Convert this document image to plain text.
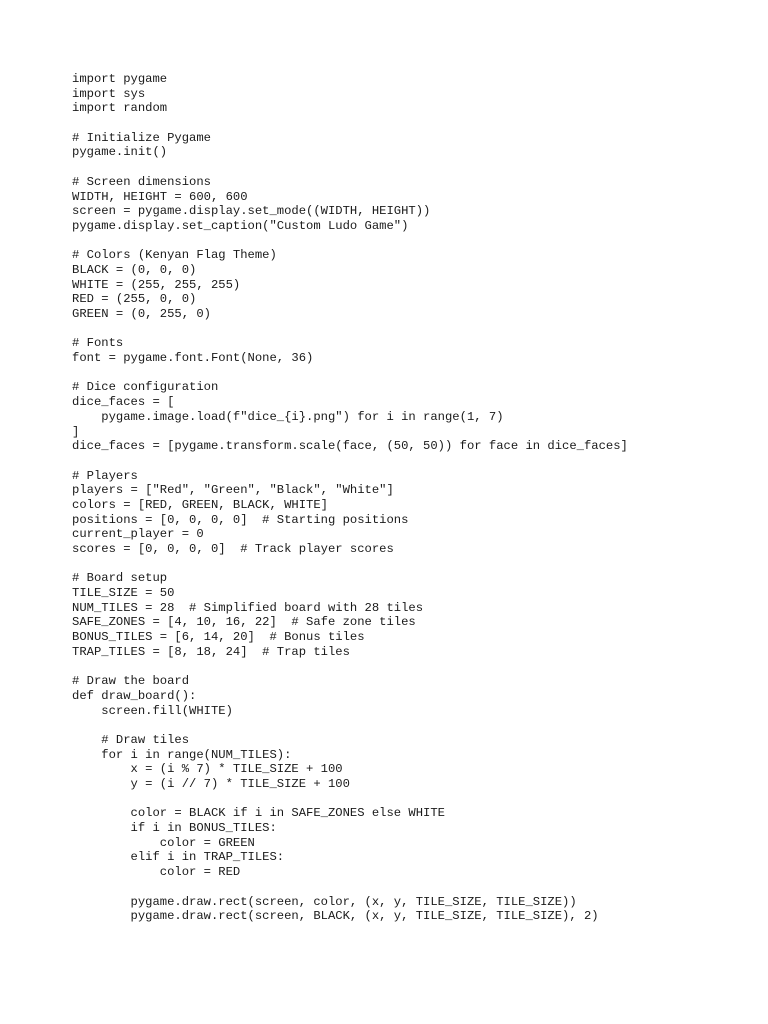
import pygame
import sys
import random
# Initialize Pygame
pygame.init()
# Screen dimensions
WIDTH, HEIGHT = 600, 600
screen = pygame.display.set_mode((WIDTH, HEIGHT))
pygame.display.set_caption("Custom Ludo Game")
# Colors (Kenyan Flag Theme)
BLACK = (0, 0, 0)
WHITE = (255, 255, 255)
RED = (255, 0, 0)
GREEN = (0, 255, 0)
# Fonts
font = pygame.font.Font(None, 36)
# Dice configuration
dice_faces = [
pygame.image.load(f"dice_{i}.png") for i in range(1, 7)
]
dice_faces = [pygame.transform.scale(face, (50, 50)) for face in dice_faces]
# Players
players = ["Red", "Green", "Black", "White"]
colors = [RED, GREEN, BLACK, WHITE]
positions = [0, 0, 0, 0]  # Starting positions
current_player = 0
scores = [0, 0, 0, 0]  # Track player scores
# Board setup
TILE_SIZE = 50
NUM_TILES = 28  # Simplified board with 28 tiles
SAFE_ZONES = [4, 10, 16, 22]  # Safe zone tiles
BONUS_TILES = [6, 14, 20]  # Bonus tiles
TRAP_TILES = [8, 18, 24]  # Trap tiles
# Draw the board
def draw_board():
screen.fill(WHITE)
# Draw tiles
for i in range(NUM_TILES):
x = (i % 7) * TILE_SIZE + 100
y = (i // 7) * TILE_SIZE + 100
color = BLACK if i in SAFE_ZONES else WHITE
if i in BONUS_TILES:
color = GREEN
elif i in TRAP_TILES:
color = RED
pygame.draw.rect(screen, color, (x, y, TILE_SIZE, TILE_SIZE))
pygame.draw.rect(screen, BLACK, (x, y, TILE_SIZE, TILE_SIZE), 2)
